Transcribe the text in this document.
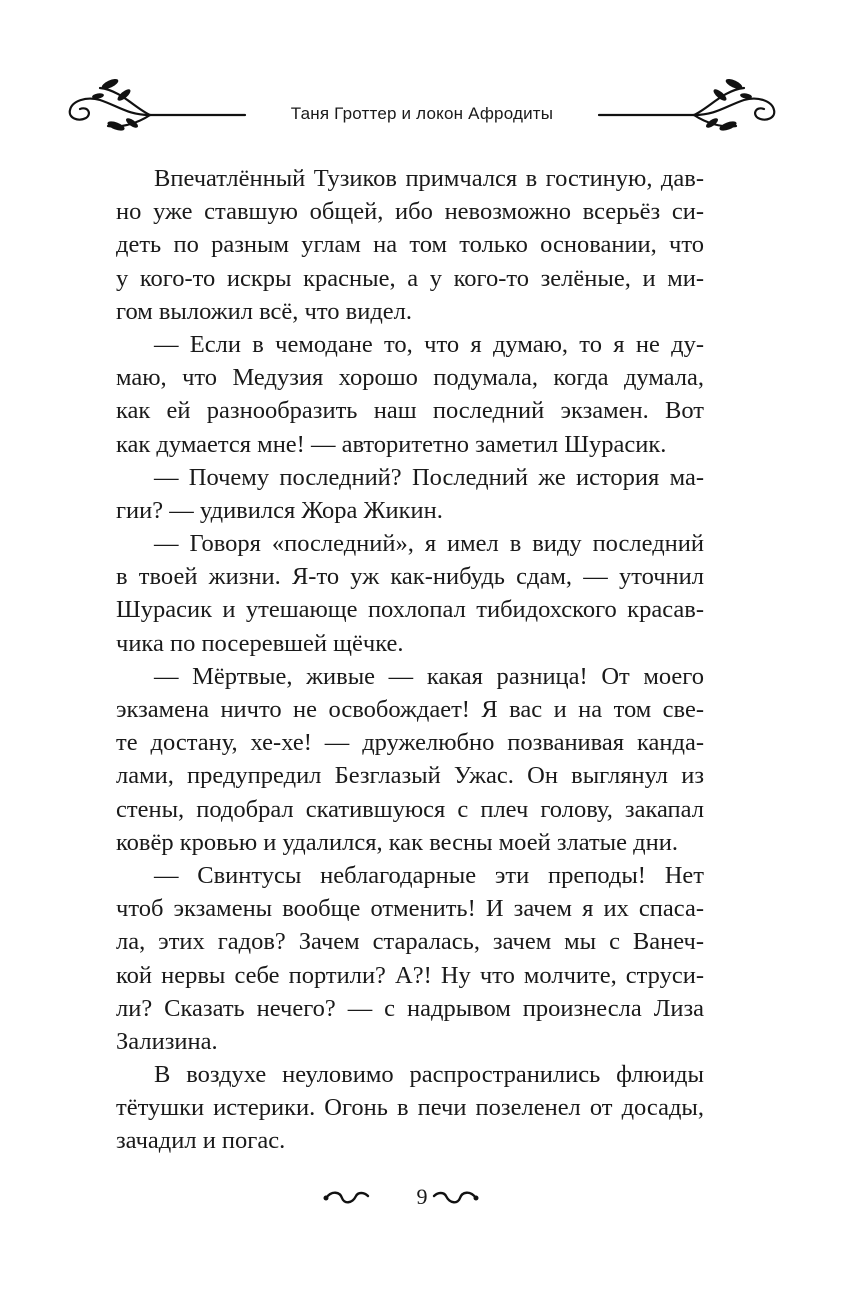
Таня Гроттер и локон Афродиты
Впечатлённый Тузиков примчался в гостиную, дав-
но уже ставшую общей, ибо невозможно всерьёз си-
деть по разным углам на том только основании, что
у кого-то искры красные, а у кого-то зелёные, и ми-
гом выложил всё, что видел.
— Если в чемодане то, что я думаю, то я не ду-
маю, что Медузия хорошо подумала, когда думала,
как ей разнообразить наш последний экзамен. Вот
как думается мне! — авторитетно заметил Шурасик.
— Почему последний? Последний же история ма-
гии? — удивился Жора Жикин.
— Говоря «последний», я имел в виду последний
в твоей жизни. Я-то уж как-нибудь сдам, — уточнил
Шурасик и утешающе похлопал тибидохского красав-
чика по посеревшей щёчке.
— Мёртвые, живые — какая разница! От моего
экзамена ничто не освобождает! Я вас и на том све-
те достану, хе-хе! — дружелюбно позванивая канда-
лами, предупредил Безглазый Ужас. Он выглянул из
стены, подобрал скатившуюся с плеч голову, закапал
ковёр кровью и удалился, как весны моей златые дни.
— Свинтусы неблагодарные эти преподы! Нет
чтоб экзамены вообще отменить! И зачем я их спаса-
ла, этих гадов? Зачем старалась, зачем мы с Ванеч-
кой нервы себе портили? А?! Ну что молчите, струси-
ли? Сказать нечего? — с надрывом произнесла Лиза
Зализина.
В воздухе неуловимо распространились флюиды
тётушки истерики. Огонь в печи позеленел от досады,
зачадил и погас.
9
